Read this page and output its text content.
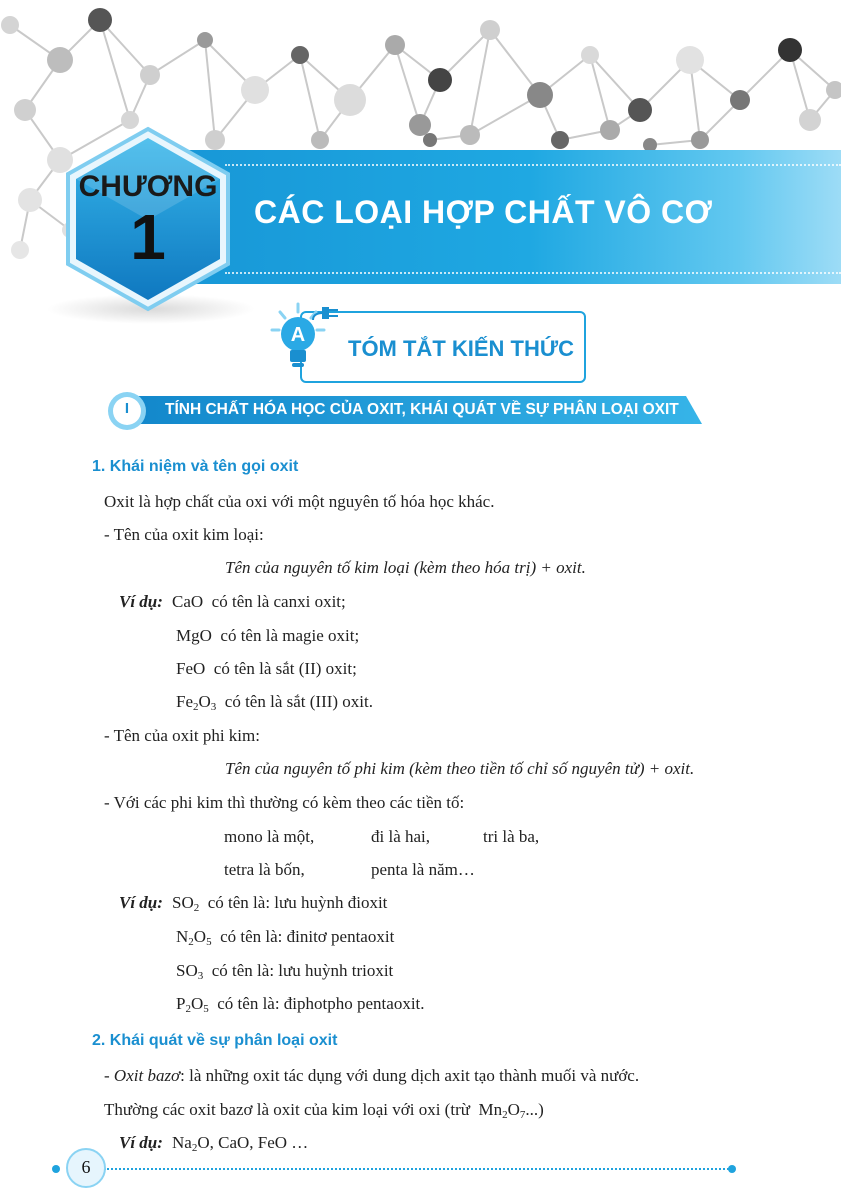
CÁC LOẠI HỢP CHẤT VÔ CƠ
CHƯƠNG
1
A
TÓM TẮT KIẾN THỨC
I	TÍNH CHẤT HÓA HỌC CỦA OXIT, KHÁI QUÁT VỀ SỰ PHÂN LOẠI OXIT
1. Khái niệm và tên gọi oxit
Oxit là hợp chất của oxi với một nguyên tố hóa học khác.
- Tên của oxit kim loại:
Tên của nguyên tố kim loại (kèm theo hóa trị) + oxit.
Ví dụ: CaO có tên là canxi oxit;
MgO có tên là magie oxit;
FeO có tên là sắt (II) oxit;
$Fe_2O_3$ có tên là sắt (III) oxit.
- Tên của oxit phi kim:
Tên của nguyên tố phi kim (kèm theo tiền tố chỉ số nguyên tử) + oxit.
- Với các phi kim thì thường có kèm theo các tiền tố:
mono là một,	đi là hai,	tri là ba,
tetra là bốn,	penta là năm…
Ví dụ: $SO_2$ có tên là: lưu huỳnh đioxit
$N_2O_5$ có tên là: đinitơ pentaoxit
$SO_3$ có tên là: lưu huỳnh trioxit
$P_2O_5$ có tên là: điphotpho pentaoxit.
2. Khái quát về sự phân loại oxit
- Oxit bazơ: là những oxit tác dụng với dung dịch axit tạo thành muối và nước.
Thường các oxit bazơ là oxit của kim loại với oxi (trừ $Mn_2O_7$...)
Ví dụ: $Na_2O$, CaO, FeO …
6
